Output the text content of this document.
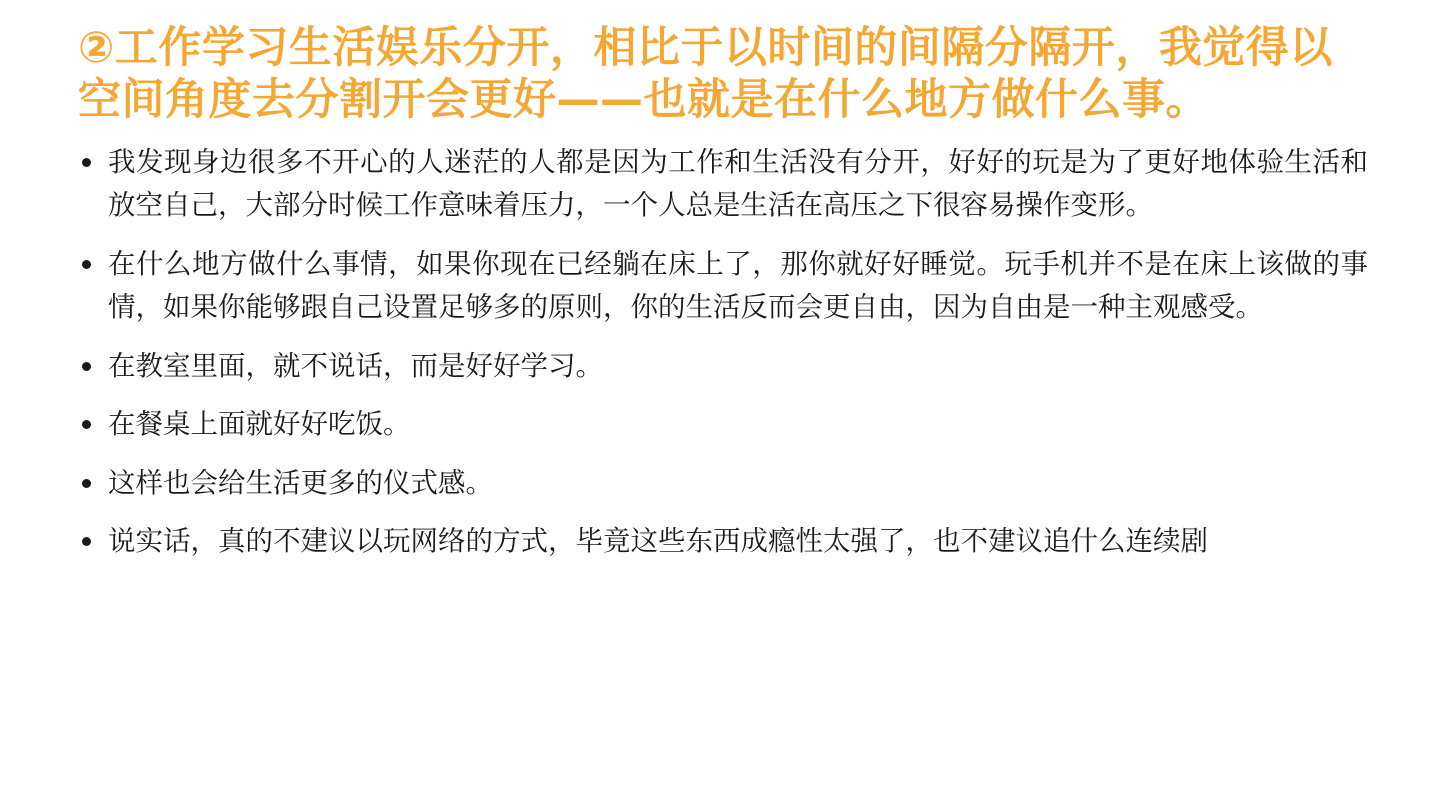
②工作学习生活娱乐分开，相比于以时间的间隔分隔开，我觉得以空间角度去分割开会更好——也就是在什么地方做什么事。
我发现身边很多不开心的人迷茫的人都是因为工作和生活没有分开，好好的玩是为了更好地体验生活和放空自己，大部分时候工作意味着压力，一个人总是生活在高压之下很容易操作变形。
在什么地方做什么事情，如果你现在已经躺在床上了，那你就好好睡觉。玩手机并不是在床上该做的事情，如果你能够跟自己设置足够多的原则，你的生活反而会更自由，因为自由是一种主观感受。
在教室里面，就不说话，而是好好学习。
在餐桌上面就好好吃饭。
这样也会给生活更多的仪式感。
说实话，真的不建议以玩网络的方式，毕竟这些东西成瘾性太强了，也不建议追什么连续剧
